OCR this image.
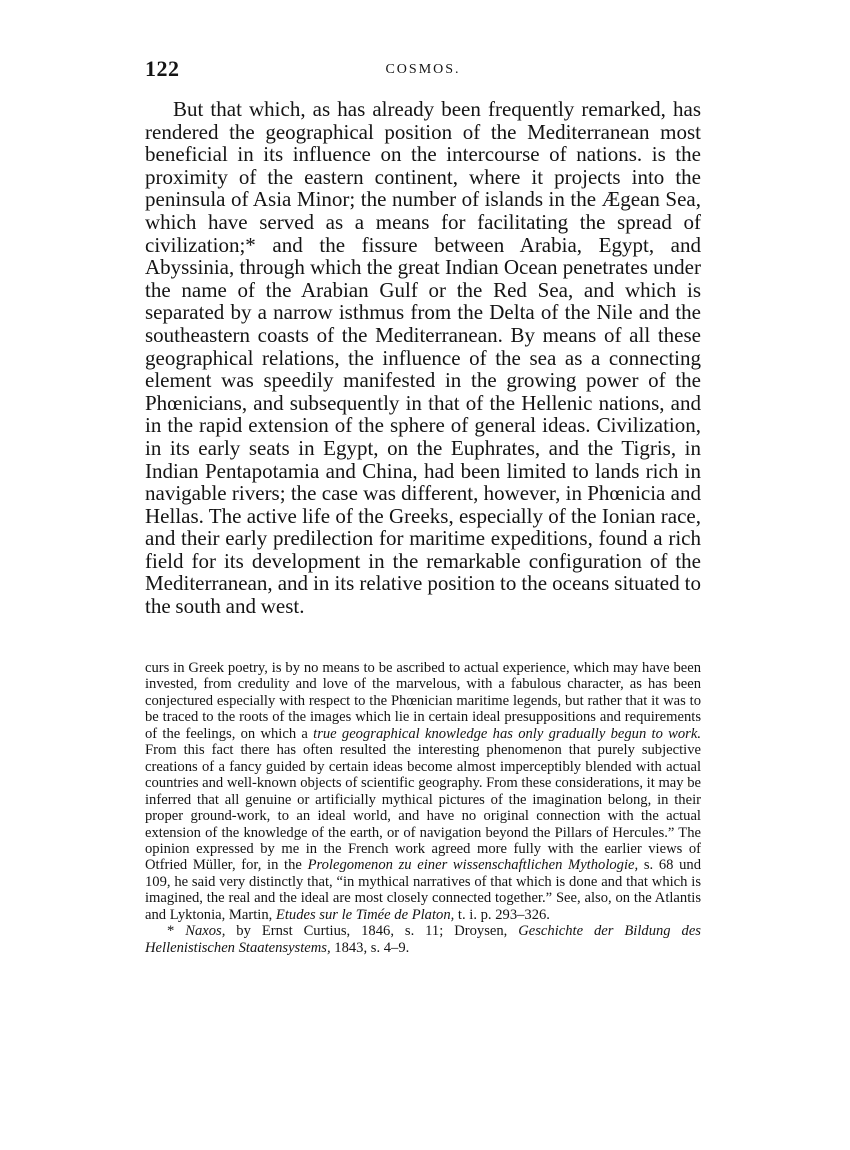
122	COSMOS.

But that which, as has already been frequently remarked, has rendered the geographical position of the Mediterranean most beneficial in its influence on the intercourse of nations. is the proximity of the eastern continent, where it projects into the peninsula of Asia Minor; the number of islands in the Ægean Sea, which have served as a means for facilitating the spread of civilization;* and the fissure between Arabia, Egypt, and Abyssinia, through which the great Indian Ocean penetrates under the name of the Arabian Gulf or the Red Sea, and which is separated by a narrow isthmus from the Delta of the Nile and the southeastern coasts of the Mediterranean. By means of all these geographical relations, the influence of the sea as a connecting element was speedily manifested in the growing power of the Phœnicians, and subsequently in that of the Hellenic nations, and in the rapid extension of the sphere of general ideas. Civilization, in its early seats in Egypt, on the Euphrates, and the Tigris, in Indian Pentapotamia and China, had been limited to lands rich in navigable rivers; the case was different, however, in Phœnicia and Hellas. The active life of the Greeks, especially of the Ionian race, and their early predilection for maritime expeditions, found a rich field for its development in the remarkable configuration of the Mediterranean, and in its relative position to the oceans situated to the south and west.

curs in Greek poetry, is by no means to be ascribed to actual experience, which may have been invested, from credulity and love of the marvelous, with a fabulous character, as has been conjectured especially with respect to the Phœnician maritime legends, but rather that it was to be traced to the roots of the images which lie in certain ideal presuppositions and requirements of the feelings, on which a true geographical knowledge has only gradually begun to work. From this fact there has often resulted the interesting phenomenon that purely subjective creations of a fancy guided by certain ideas become almost imperceptibly blended with actual countries and well-known objects of scientific geography. From these considerations, it may be inferred that all genuine or artificially mythical pictures of the imagination belong, in their proper ground-work, to an ideal world, and have no original connection with the actual extension of the knowledge of the earth, or of navigation beyond the Pillars of Hercules.” The opinion expressed by me in the French work agreed more fully with the earlier views of Otfried Müller, for, in the Prolegomenon zu einer wissenschaftlichen Mythologie, s. 68 und 109, he said very distinctly that, “in mythical narratives of that which is done and that which is imagined, the real and the ideal are most closely connected together.” See, also, on the Atlantis and Lyktonia, Martin, Etudes sur le Timée de Platon, t. i. p. 293–326.

* Naxos, by Ernst Curtius, 1846, s. 11; Droysen, Geschichte der Bildung des Hellenistischen Staatensystems, 1843, s. 4–9.
